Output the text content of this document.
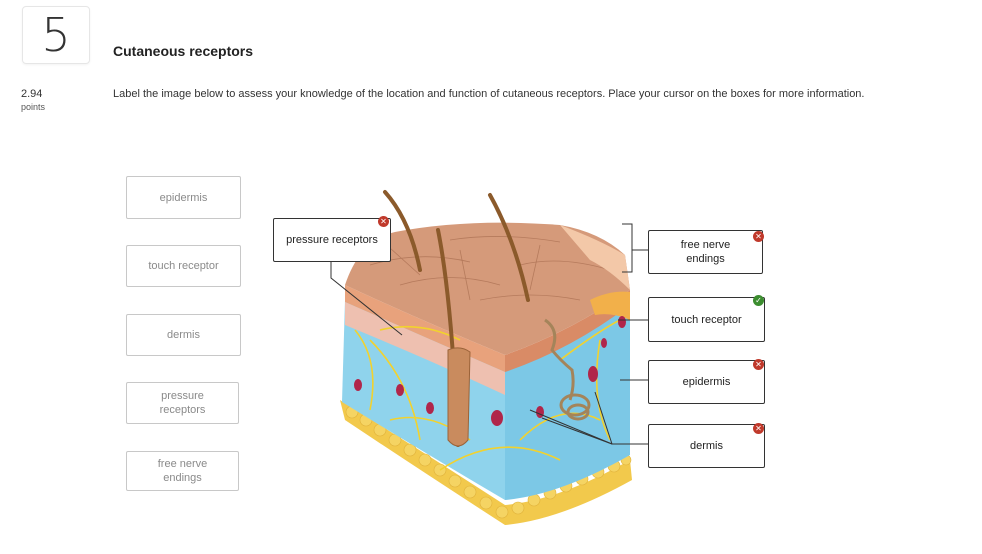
5	Cutaneous receptors
2.94
points
Label the image below to assess your knowledge of the location and function of cutaneous receptors. Place your cursor on the boxes for more information.
epidermis
touch receptor
dermis
pressure receptors
free nerve endings
pressure receptors
✕
free nerve endings
✕
touch receptor
✓
epidermis
✕
dermis
✕
